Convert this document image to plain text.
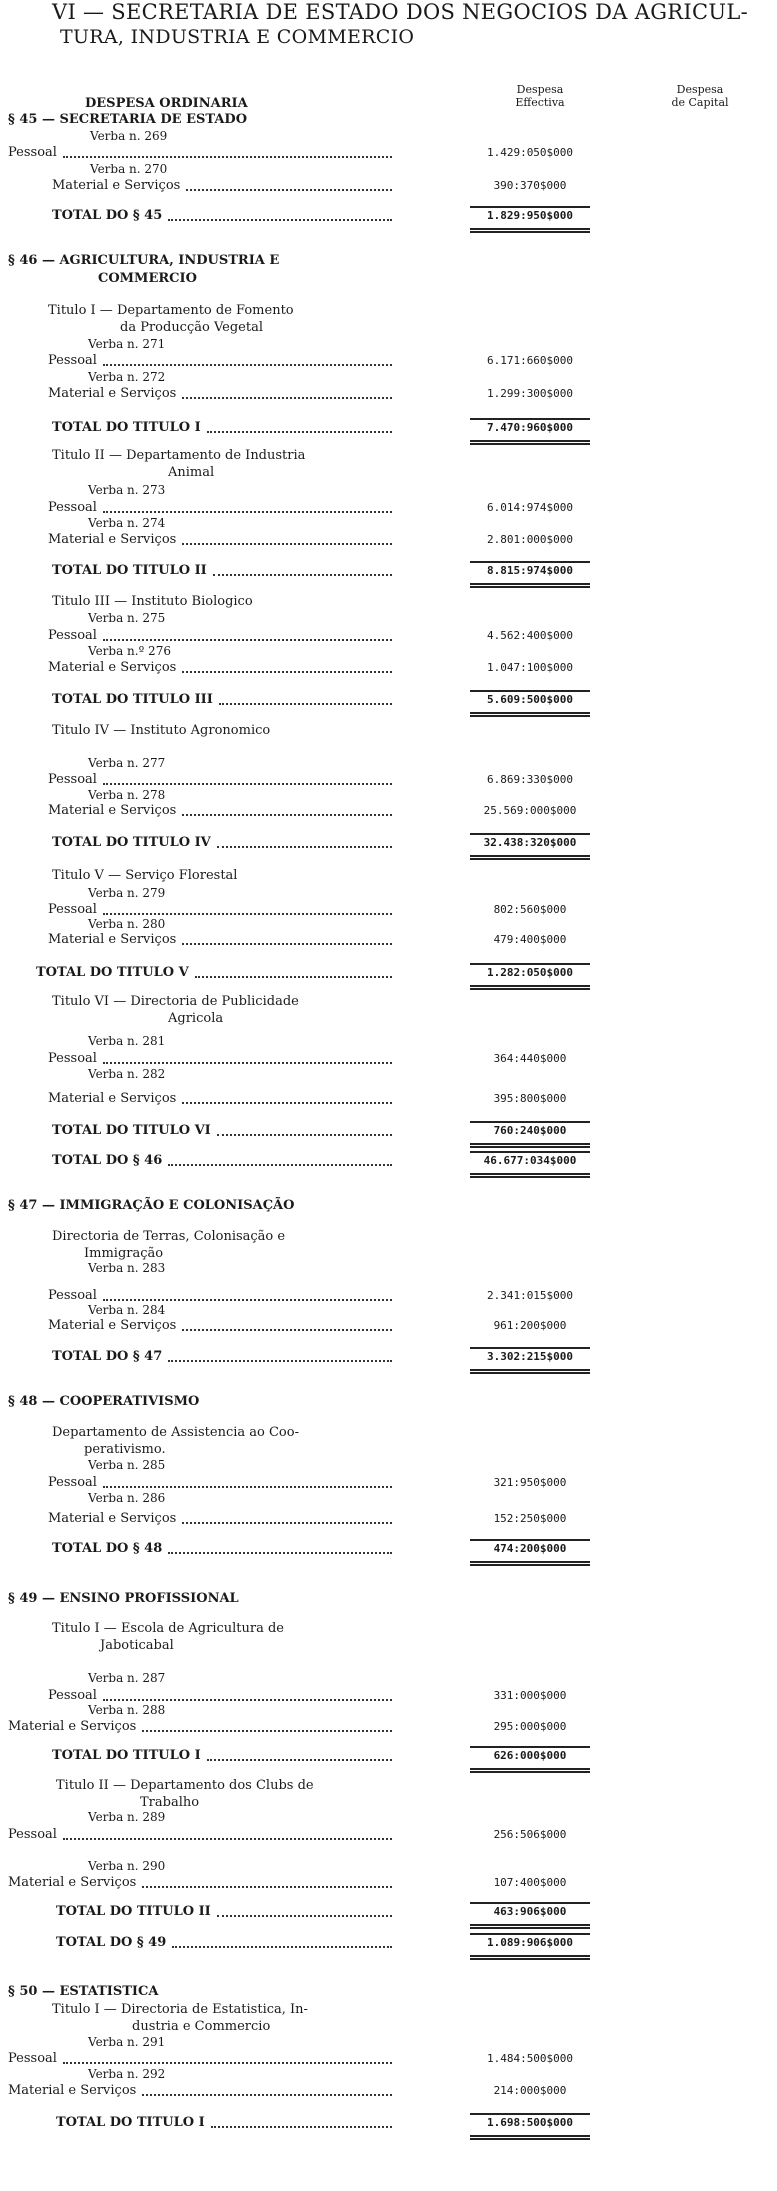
VI — SECRETARIA DE ESTADO DOS NEGOCIOS DA AGRICUL-
TURA, INDUSTRIA E COMMERCIO
Despesa
Effectiva
Despesa
de Capital
DESPESA ORDINARIA
§ 45 — SECRETARIA DE ESTADO
Verba n. 269
Pessoal	1.429:050$000
Verba n. 270
Material e Serviços	390:370$000
TOTAL DO § 45	1.829:950$000
§ 46 — AGRICULTURA, INDUSTRIA E
COMMERCIO
Titulo I — Departamento de Fomento
da Producção Vegetal
Verba n. 271
Pessoal	6.171:660$000
Verba n. 272
Material e Serviços	1.299:300$000
TOTAL DO TITULO I	7.470:960$000
Titulo II — Departamento de Industria
Animal
Verba n. 273
Pessoal	6.014:974$000
Verba n. 274
Material e Serviços	2.801:000$000
TOTAL DO TITULO II	8.815:974$000
Titulo III — Instituto Biologico
Verba n. 275
Pessoal	4.562:400$000
Verba n.º 276
Material e Serviços	1.047:100$000
TOTAL DO TITULO III	5.609:500$000
Titulo IV — Instituto Agronomico
Verba n. 277
Pessoal	6.869:330$000
Verba n. 278
Material e Serviços	25.569:000$000
TOTAL DO TITULO IV	32.438:320$000
Titulo V — Serviço Florestal
Verba n. 279
Pessoal	802:560$000
Verba n. 280
Material e Serviços	479:400$000
TOTAL DO TITULO V	1.282:050$000
Titulo VI — Directoria de Publicidade
Agricola
Verba n. 281
Pessoal	364:440$000
Verba n. 282
Material e Serviços	395:800$000
TOTAL DO TITULO VI	760:240$000
TOTAL DO § 46	46.677:034$000
§ 47 — IMMIGRAÇÃO E COLONISAÇÃO
Directoria de Terras, Colonisação e
Immigração
Verba n. 283
Pessoal	2.341:015$000
Verba n. 284
Material e Serviços	961:200$000
TOTAL DO § 47	3.302:215$000
§ 48 — COOPERATIVISMO
Departamento de Assistencia ao Coo-
perativismo.
Verba n. 285
Pessoal	321:950$000
Verba n. 286
Material e Serviços	152:250$000
TOTAL DO § 48	474:200$000
§ 49 — ENSINO PROFISSIONAL
Titulo I — Escola de Agricultura de
Jaboticabal
Verba n. 287
Pessoal	331:000$000
Verba n. 288
Material e Serviços	295:000$000
TOTAL DO TITULO I	626:000$000
Titulo II — Departamento dos Clubs de
Trabalho
Verba n. 289
Pessoal	256:506$000
Verba n. 290
Material e Serviços	107:400$000
TOTAL DO TITULO II	463:906$000
TOTAL DO § 49	1.089:906$000
§ 50 — ESTATISTICA
Titulo I — Directoria de Estatistica, In-
dustria e Commercio
Verba n. 291
Pessoal	1.484:500$000
Verba n. 292
Material e Serviços	214:000$000
TOTAL DO TITULO I	1.698:500$000
